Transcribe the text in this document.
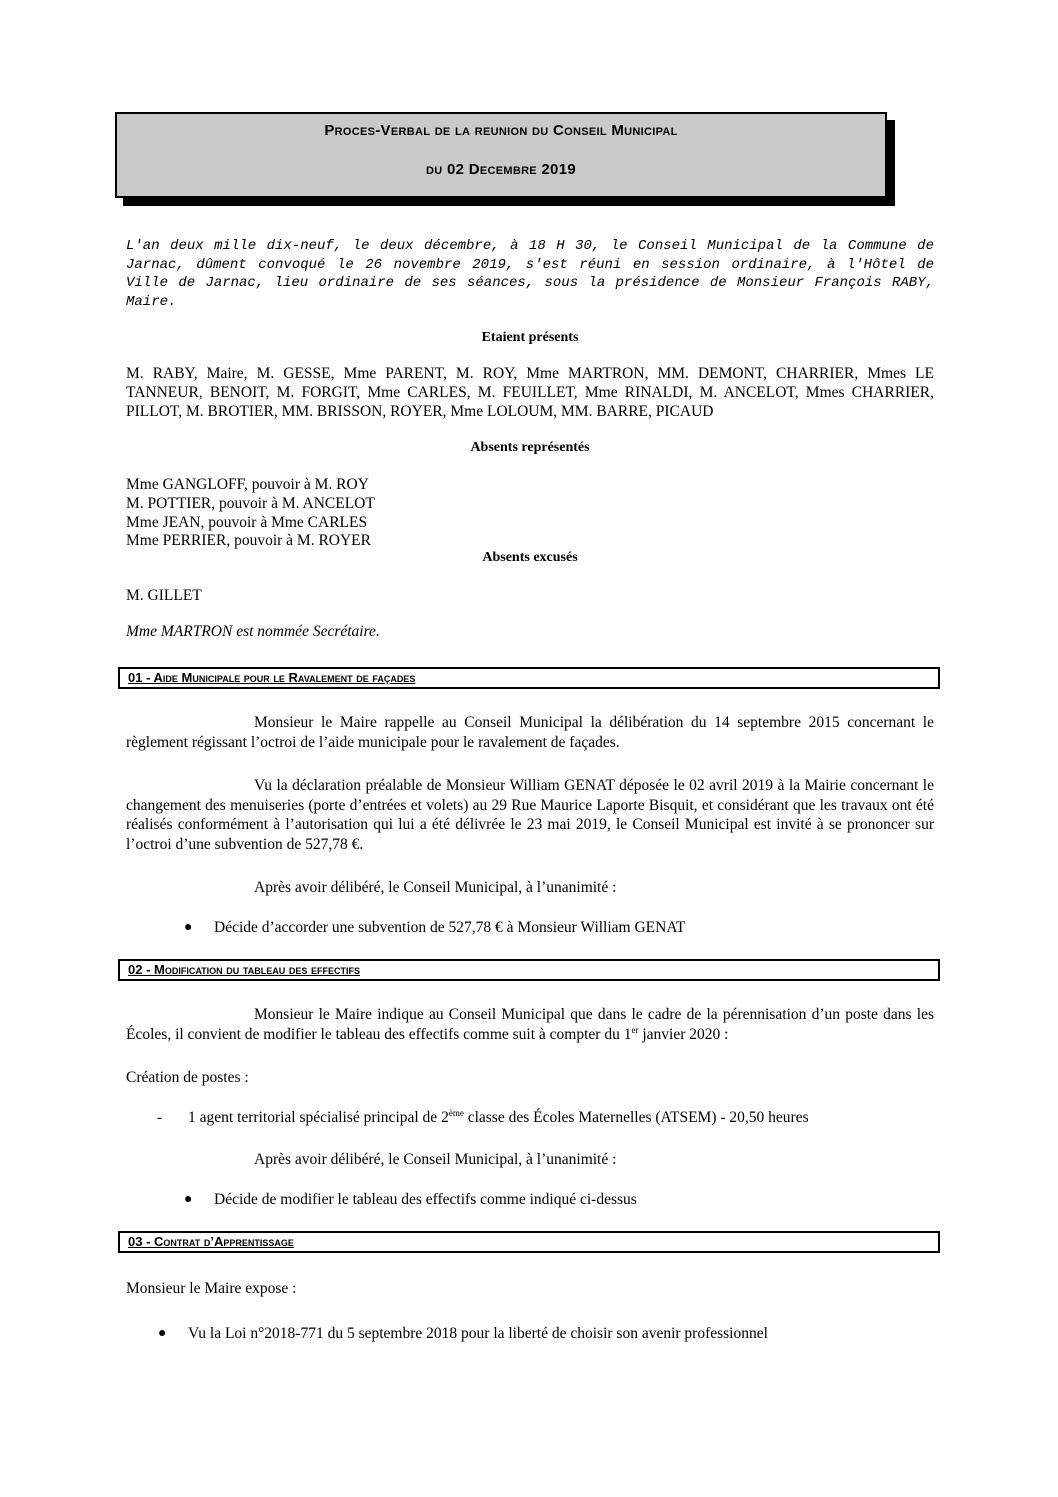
Proces-Verbal de la reunion du Conseil Municipal
du 02 Decembre 2019
L'an deux mille dix-neuf, le deux décembre, à 18 H 30, le Conseil Municipal de la Commune de Jarnac, dûment convoqué le 26 novembre 2019, s'est réuni en session ordinaire, à l'Hôtel de Ville de Jarnac, lieu ordinaire de ses séances, sous la présidence de Monsieur François RABY, Maire.
Etaient présents
M. RABY, Maire, M. GESSE, Mme PARENT, M. ROY, Mme MARTRON, MM. DEMONT, CHARRIER, Mmes LE TANNEUR, BENOIT, M. FORGIT, Mme CARLES, M. FEUILLET, Mme RINALDI, M. ANCELOT, Mmes CHARRIER, PILLOT, M. BROTIER, MM. BRISSON, ROYER, Mme LOLOUM, MM. BARRE, PICAUD
Absents représentés
Mme GANGLOFF, pouvoir à M. ROY
M. POTTIER, pouvoir à M. ANCELOT
Mme JEAN, pouvoir à Mme CARLES
Mme PERRIER, pouvoir à M. ROYER
Absents excusés
M. GILLET
Mme MARTRON est nommée Secrétaire.
01 - Aide Municipale pour le Ravalement de façades
Monsieur le Maire rappelle au Conseil Municipal la délibération du 14 septembre 2015 concernant le règlement régissant l’octroi de l’aide municipale pour le ravalement de façades.
Vu la déclaration préalable de Monsieur William GENAT déposée le 02 avril 2019 à la Mairie concernant le changement des menuiseries (porte d’entrées et volets) au 29 Rue Maurice Laporte Bisquit, et considérant que les travaux ont été réalisés conformément à l’autorisation qui lui a été délivrée le 23 mai 2019, le Conseil Municipal est invité à se prononcer sur l’octroi d’une subvention de 527,78 €.
Après avoir délibéré, le Conseil Municipal, à l’unanimité :
● Décide d’accorder une subvention de 527,78 € à Monsieur William GENAT
02 - Modification du tableau des effectifs
Monsieur le Maire indique au Conseil Municipal que dans le cadre de la pérennisation d’un poste dans les Écoles, il convient de modifier le tableau des effectifs comme suit à compter du 1er janvier 2020 :
Création de postes :
- 1 agent territorial spécialisé principal de 2ème classe des Écoles Maternelles (ATSEM) - 20,50 heures
Après avoir délibéré, le Conseil Municipal, à l’unanimité :
● Décide de modifier le tableau des effectifs comme indiqué ci-dessus
03 - Contrat d’Apprentissage
Monsieur le Maire expose :
● Vu la Loi n°2018-771 du 5 septembre 2018 pour la liberté de choisir son avenir professionnel
